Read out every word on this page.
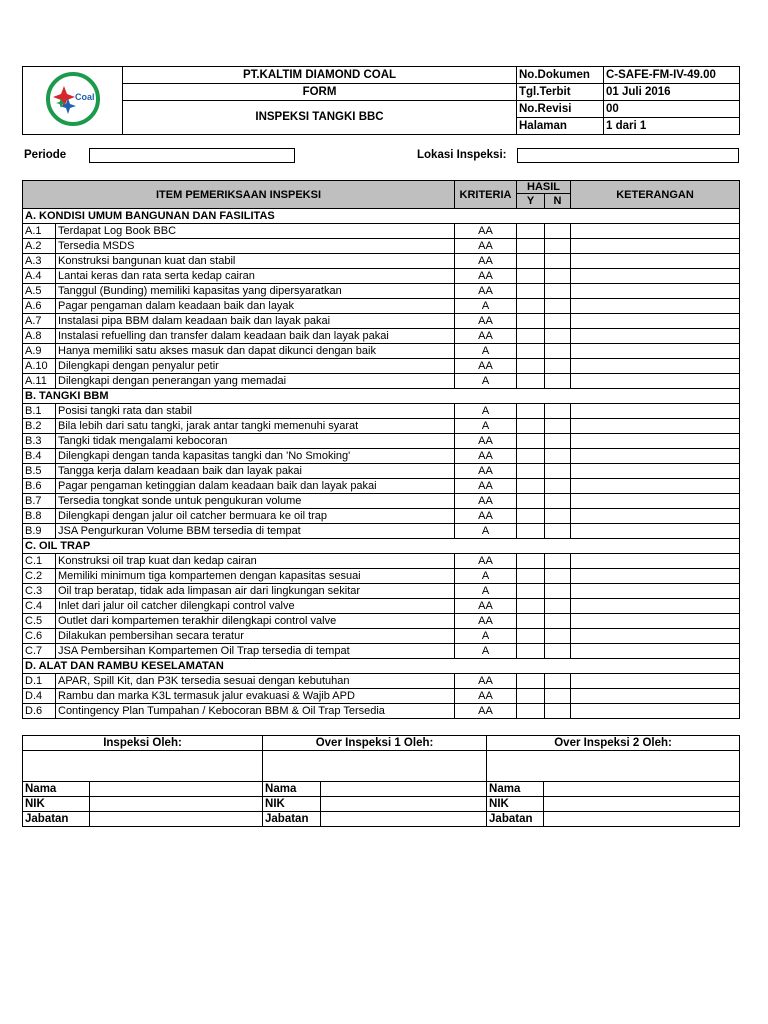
Coal	PT.KALTIM DIAMOND COAL	No.Dokumen	C-SAFE-FM-IV-49.00
	FORM	Tgl.Terbit	01 Juli 2016
	INSPEKSI TANGKI BBC	No.Revisi	00
		Halaman	1 dari 1
Periode	Lokasi Inspeksi:
ITEM PEMERIKSAAN INSPEKSI		KRITERIA	HASIL		KETERANGAN
			Y	N	
A. KONDISI UMUM BANGUNAN DAN FASILITAS					
A.1	Terdapat Log Book BBC	AA			
A.2	Tersedia MSDS	AA			
A.3	Konstruksi bangunan kuat dan stabil	AA			
A.4	Lantai keras dan rata serta kedap cairan	AA			
A.5	Tanggul (Bunding) memiliki kapasitas yang dipersyaratkan	AA			
A.6	Pagar pengaman dalam keadaan baik dan layak	A			
A.7	Instalasi pipa BBM dalam keadaan baik dan layak pakai	AA			
A.8	Instalasi refuelling dan transfer dalam keadaan baik dan layak pakai	AA			
A.9	Hanya memiliki satu akses masuk dan dapat dikunci dengan baik	A			
A.10	Dilengkapi dengan penyalur petir	AA			
A.11	Dilengkapi dengan penerangan yang memadai	A			
B. TANGKI BBM					
B.1	Posisi tangki rata dan stabil	A			
B.2	Bila lebih dari satu tangki, jarak antar tangki memenuhi syarat	A			
B.3	Tangki tidak mengalami kebocoran	AA			
B.4	Dilengkapi dengan tanda kapasitas tangki dan 'No Smoking'	AA			
B.5	Tangga kerja dalam keadaan baik dan layak pakai	AA			
B.6	Pagar pengaman ketinggian dalam keadaan baik dan layak pakai	AA			
B.7	Tersedia tongkat sonde untuk pengukuran volume	AA			
B.8	Dilengkapi dengan jalur oil catcher bermuara ke oil trap	AA			
B.9	JSA Pengurkuran Volume BBM tersedia di tempat	A			
C. OIL TRAP					
C.1	Konstruksi oil trap kuat dan kedap cairan	AA			
C.2	Memiliki minimum tiga kompartemen dengan kapasitas sesuai	A			
C.3	Oil trap beratap, tidak ada limpasan air dari lingkungan sekitar	A			
C.4	Inlet dari jalur oil catcher dilengkapi control valve	AA			
C.5	Outlet dari kompartemen terakhir dilengkapi control valve	AA			
C.6	Dilakukan pembersihan secara teratur	A			
C.7	JSA Pembersihan Kompartemen Oil Trap tersedia di tempat	A			
D. ALAT DAN RAMBU KESELAMATAN					
D.1	APAR, Spill Kit, dan P3K tersedia sesuai dengan kebutuhan	AA			
D.4	Rambu dan marka K3L termasuk jalur evakuasi & Wajib APD	AA			
D.6	Contingency Plan Tumpahan / Kebocoran BBM & Oil Trap Tersedia	AA			
Inspeksi Oleh:		Over Inspeksi 1 Oleh:		Over Inspeksi 2 Oleh:	

Nama		Nama		Nama	
NIK		NIK		NIK	
Jabatan		Jabatan		Jabatan	
